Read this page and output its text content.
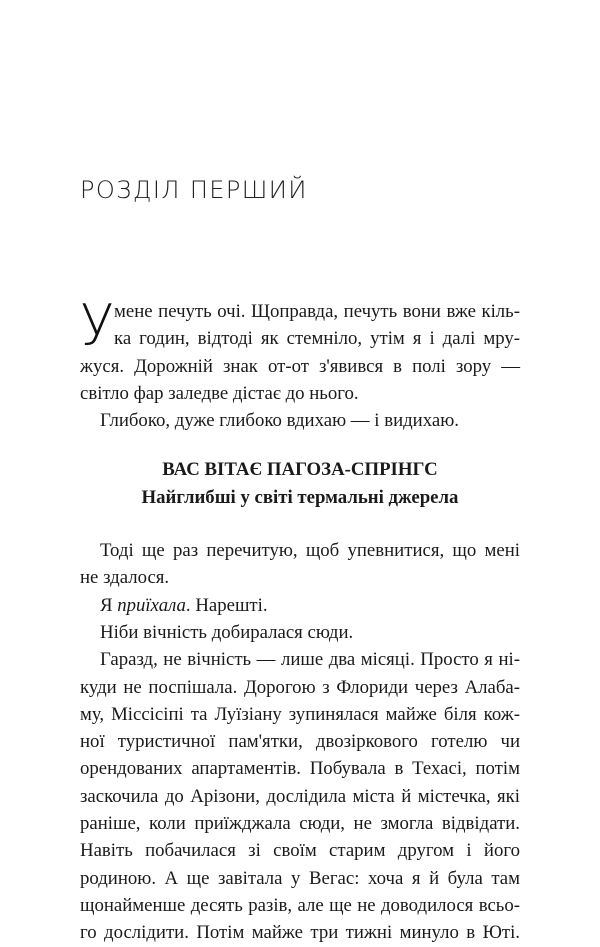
РОЗДІЛ ПЕРШИЙ
У мене печуть очі. Щоправда, печуть вони вже кіль-
ка годин, відтоді як стемніло, утім я і далі мру-
жуся. Дорожній знак от-от з'явився в полі зору —
світло фар заледве дістає до нього.
Глибоко, дуже глибоко вдихаю — і видихаю.
ВАС ВІТАЄ ПАГОЗА-СПРІНГС
Найглибші у світі термальні джерела
Тоді ще раз перечитую, щоб упевнитися, що мені
не здалося.
Я приїхала. Нарешті.
Ніби вічність добиралася сюди.
Гаразд, не вічність — лише два місяці. Просто я ні-
куди не поспішала. Дорогою з Флориди через Алаба-
му, Міссісіпі та Луїзіану зупинялася майже біля кож-
ної туристичної пам'ятки, двозіркового готелю чи
орендованих апартаментів. Побувала в Техасі, потім
заскочила до Арізони, дослідила міста й містечка, які
раніше, коли приїжджала сюди, не змогла відвідати.
Навіть побачилася зі своїм старим другом і його
родиною. А ще завітала у Вегас: хоча я й була там
щонайменше десять разів, але ще не доводилося всьо-
го дослідити. Потім майже три тижні минуло в Юті.
